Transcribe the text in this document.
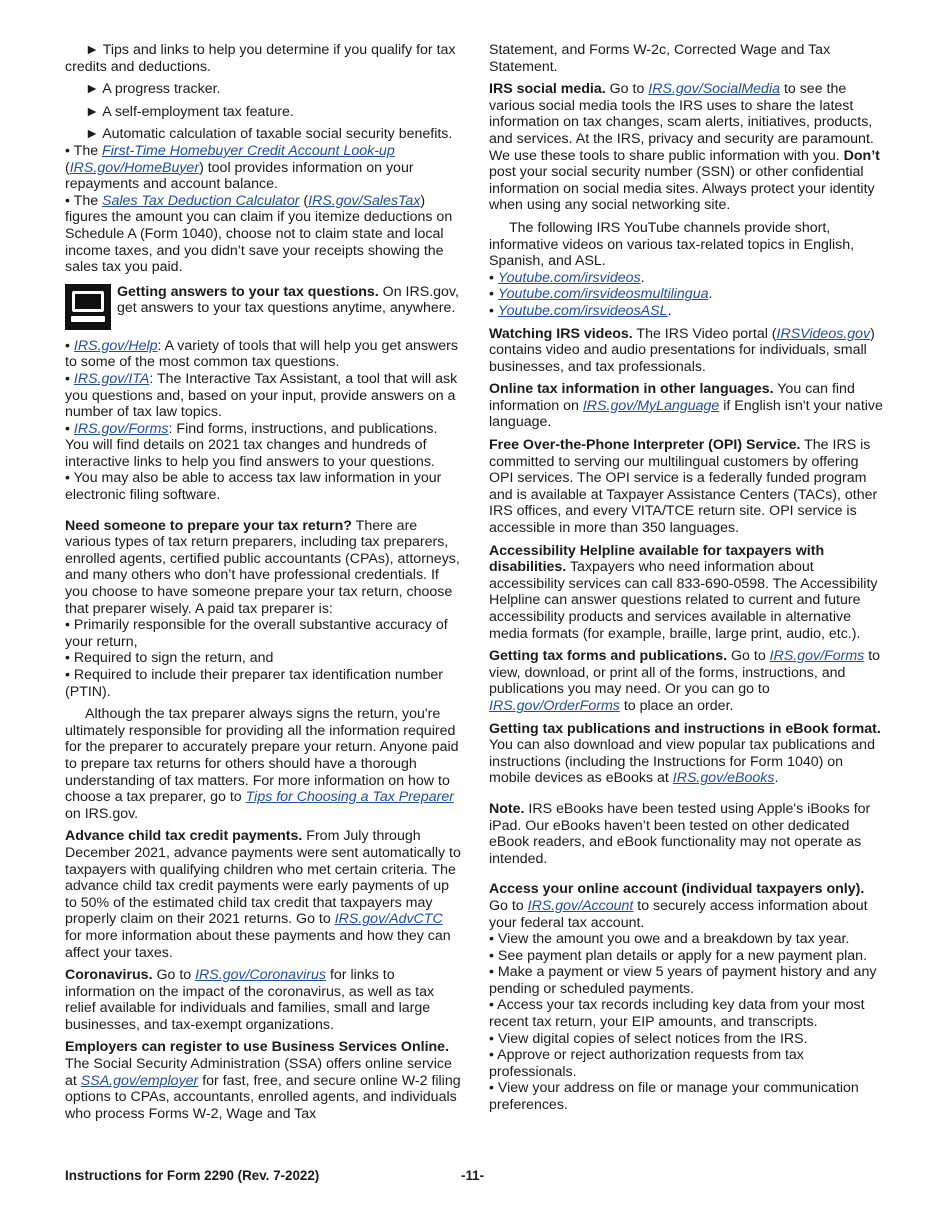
► Tips and links to help you determine if you qualify for tax credits and deductions.

► A progress tracker.

► A self-employment tax feature.

► Automatic calculation of taxable social security benefits.

• The First-Time Homebuyer Credit Account Look-up
(IRS.gov/HomeBuyer) tool provides information on your repayments and account balance.

• The Sales Tax Deduction Calculator (IRS.gov/SalesTax) figures the amount you can claim if you itemize deductions on Schedule A (Form 1040), choose not to claim state and local income taxes, and you didn’t save your receipts showing the sales tax you paid.

Getting answers to your tax questions. On IRS.gov, get answers to your tax questions anytime, anywhere.

• IRS.gov/Help: A variety of tools that will help you get answers to some of the most common tax questions.

• IRS.gov/ITA: The Interactive Tax Assistant, a tool that will ask you questions and, based on your input, provide answers on a number of tax law topics.

• IRS.gov/Forms: Find forms, instructions, and publications. You will find details on 2021 tax changes and hundreds of interactive links to help you find answers to your questions.

• You may also be able to access tax law information in your electronic filing software.

Need someone to prepare your tax return? There are various types of tax return preparers, including tax preparers, enrolled agents, certified public accountants (CPAs), attorneys, and many others who don’t have professional credentials. If you choose to have someone prepare your tax return, choose that preparer wisely. A paid tax preparer is:

• Primarily responsible for the overall substantive accuracy of your return,

• Required to sign the return, and

• Required to include their preparer tax identification number (PTIN).

Although the tax preparer always signs the return, you're ultimately responsible for providing all the information required for the preparer to accurately prepare your return. Anyone paid to prepare tax returns for others should have a thorough understanding of tax matters. For more information on how to choose a tax preparer, go to Tips for Choosing a Tax Preparer on IRS.gov.

Advance child tax credit payments. From July through December 2021, advance payments were sent automatically to taxpayers with qualifying children who met certain criteria. The advance child tax credit payments were early payments of up to 50% of the estimated child tax credit that taxpayers may properly claim on their 2021 returns. Go to IRS.gov/AdvCTC for more information about these payments and how they can affect your taxes.

Coronavirus. Go to IRS.gov/Coronavirus for links to information on the impact of the coronavirus, as well as tax relief available for individuals and families, small and large businesses, and tax-exempt organizations.

Employers can register to use Business Services Online. The Social Security Administration (SSA) offers online service at SSA.gov/employer for fast, free, and secure online W-2 filing options to CPAs, accountants, enrolled agents, and individuals who process Forms W-2, Wage and Tax

Statement, and Forms W-2c, Corrected Wage and Tax Statement.

IRS social media. Go to IRS.gov/SocialMedia to see the various social media tools the IRS uses to share the latest information on tax changes, scam alerts, initiatives, products, and services. At the IRS, privacy and security are paramount. We use these tools to share public information with you. Don’t post your social security number (SSN) or other confidential information on social media sites. Always protect your identity when using any social networking site.

The following IRS YouTube channels provide short, informative videos on various tax-related topics in English, Spanish, and ASL.

• Youtube.com/irsvideos.

• Youtube.com/irsvideosmultilingua.

• Youtube.com/irsvideosASL.

Watching IRS videos. The IRS Video portal (IRSVideos.gov) contains video and audio presentations for individuals, small businesses, and tax professionals.

Online tax information in other languages. You can find information on IRS.gov/MyLanguage if English isn't your native language.

Free Over-the-Phone Interpreter (OPI) Service. The IRS is committed to serving our multilingual customers by offering OPI services. The OPI service is a federally funded program and is available at Taxpayer Assistance Centers (TACs), other IRS offices, and every VITA/TCE return site. OPI service is accessible in more than 350 languages.

Accessibility Helpline available for taxpayers with disabilities. Taxpayers who need information about accessibility services can call 833-690-0598. The Accessibility Helpline can answer questions related to current and future accessibility products and services available in alternative media formats (for example, braille, large print, audio, etc.).

Getting tax forms and publications. Go to IRS.gov/Forms to view, download, or print all of the forms, instructions, and publications you may need. Or you can go to IRS.gov/OrderForms to place an order.

Getting tax publications and instructions in eBook format. You can also download and view popular tax publications and instructions (including the Instructions for Form 1040) on mobile devices as eBooks at IRS.gov/eBooks.

Note. IRS eBooks have been tested using Apple's iBooks for iPad. Our eBooks haven’t been tested on other dedicated eBook readers, and eBook functionality may not operate as intended.

Access your online account (individual taxpayers only).

Go to IRS.gov/Account to securely access information about your federal tax account.

• View the amount you owe and a breakdown by tax year.

• See payment plan details or apply for a new payment plan.

• Make a payment or view 5 years of payment history and any pending or scheduled payments.

• Access your tax records including key data from your most recent tax return, your EIP amounts, and transcripts.

• View digital copies of select notices from the IRS.

• Approve or reject authorization requests from tax professionals.

• View your address on file or manage your communication preferences.

Instructions for Form 2290 (Rev. 7-2022)	-11-
